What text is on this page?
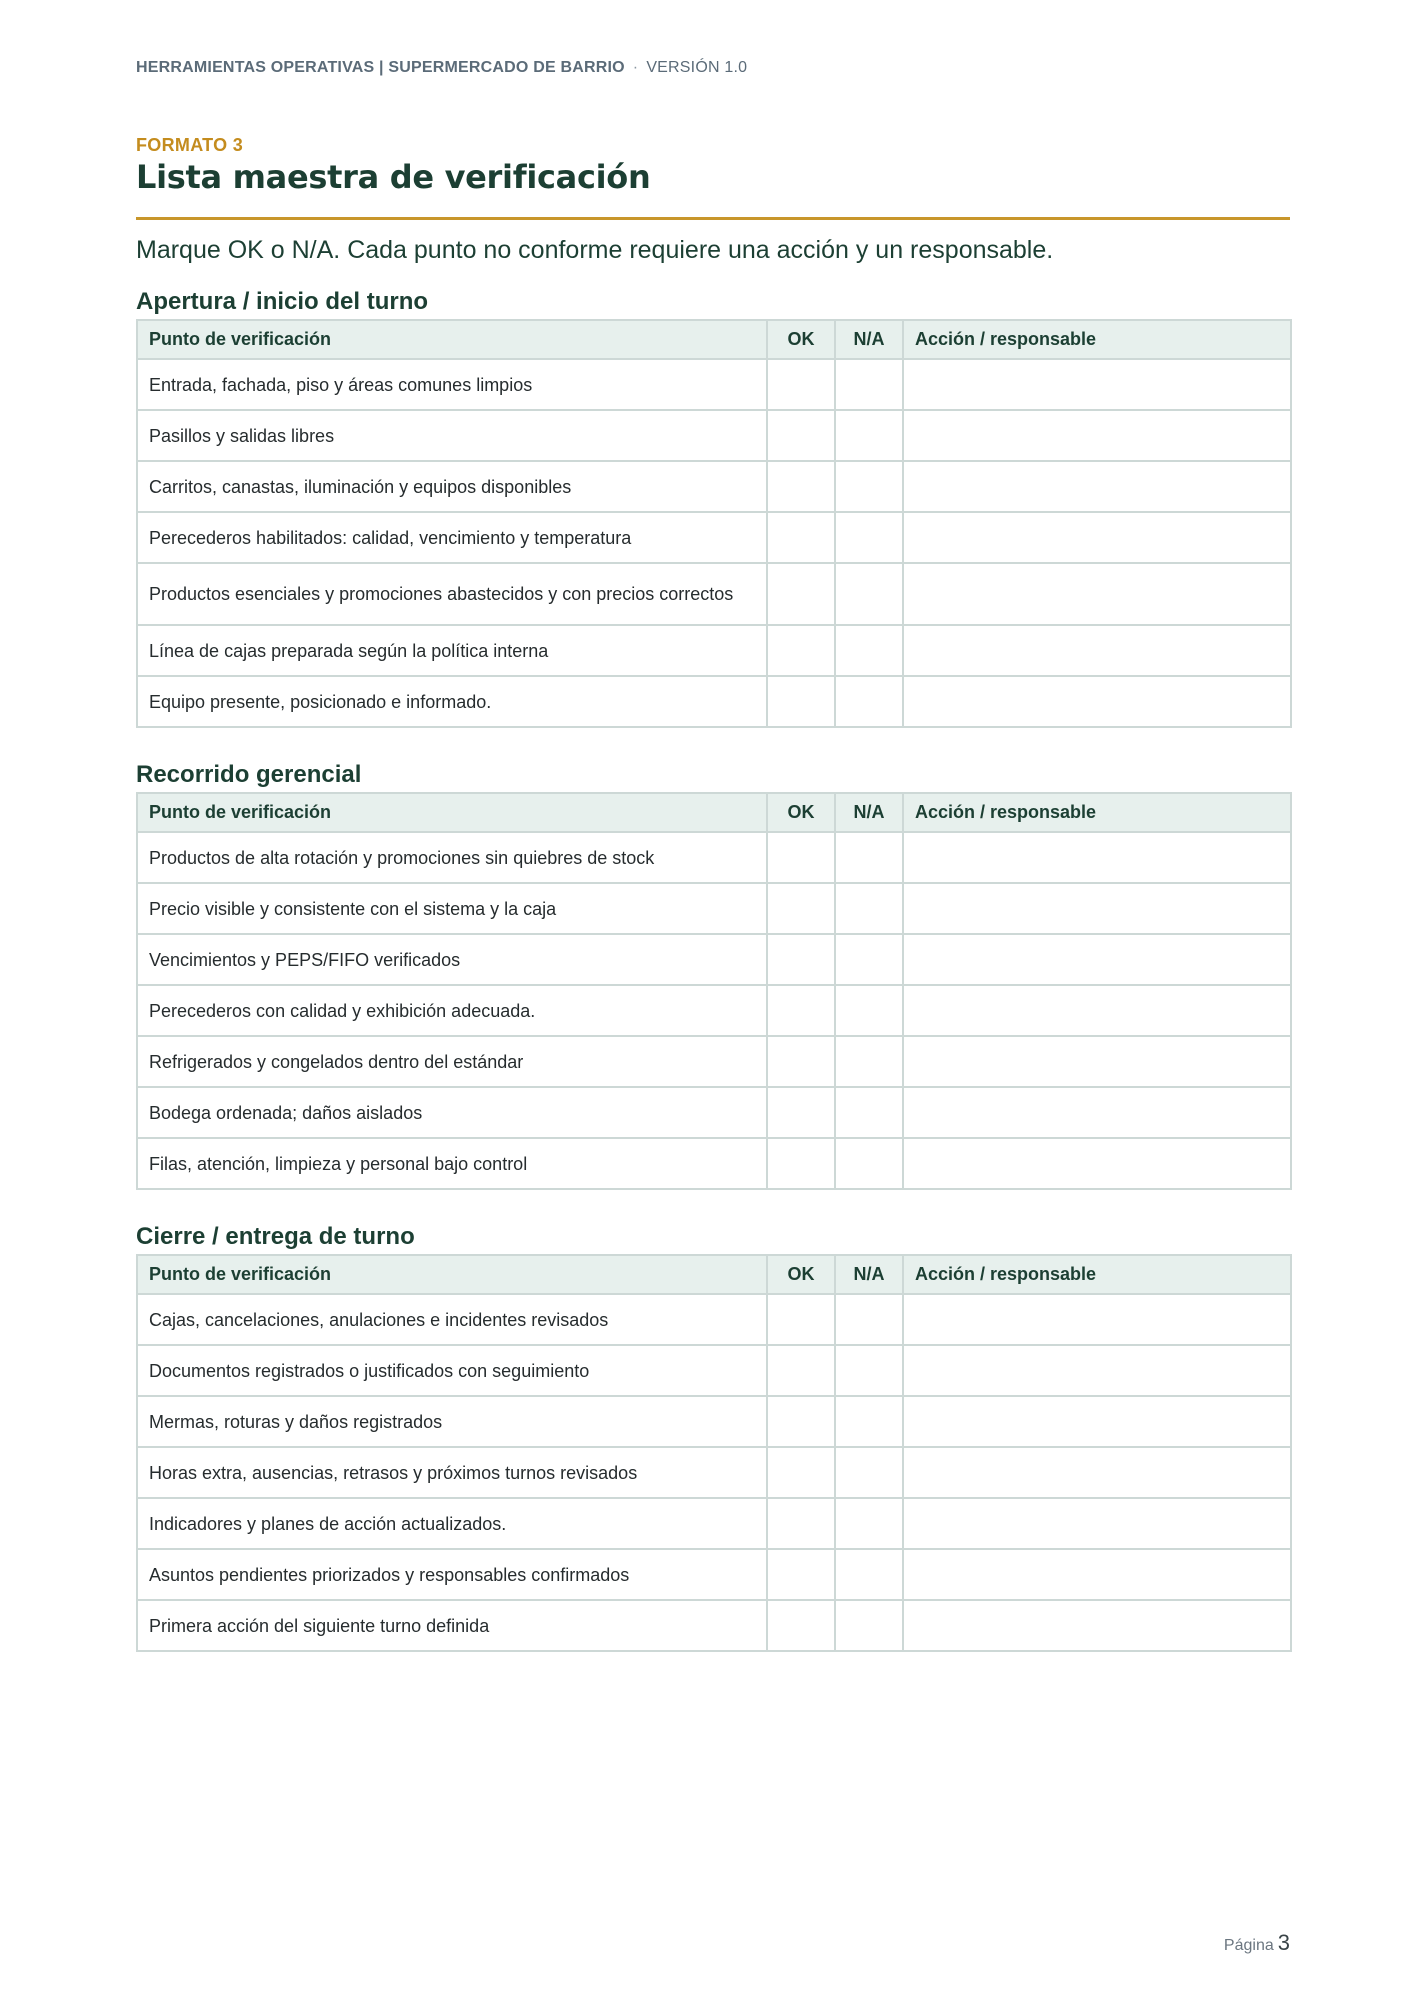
HERRAMIENTAS OPERATIVAS | SUPERMERCADO DE BARRIO · VERSIÓN 1.0
FORMATO 3
Lista maestra de verificación

Marque OK o N/A. Cada punto no conforme requiere una acción y un responsable.

Apertura / inicio del turno
Punto de verificación	OK	N/A	Acción / responsable
Entrada, fachada, piso y áreas comunes limpios			
Pasillos y salidas libres			
Carritos, canastas, iluminación y equipos disponibles			
Perecederos habilitados: calidad, vencimiento y temperatura			
Productos esenciales y promociones abastecidos y con precios correctos			
Línea de cajas preparada según la política interna			
Equipo presente, posicionado e informado.			
Recorrido gerencial
Punto de verificación	OK	N/A	Acción / responsable
Productos de alta rotación y promociones sin quiebres de stock			
Precio visible y consistente con el sistema y la caja			
Vencimientos y PEPS/FIFO verificados			
Perecederos con calidad y exhibición adecuada.			
Refrigerados y congelados dentro del estándar			
Bodega ordenada; daños aislados			
Filas, atención, limpieza y personal bajo control			
Cierre / entrega de turno
Punto de verificación	OK	N/A	Acción / responsable
Cajas, cancelaciones, anulaciones e incidentes revisados			
Documentos registrados o justificados con seguimiento			
Mermas, roturas y daños registrados			
Horas extra, ausencias, retrasos y próximos turnos revisados			
Indicadores y planes de acción actualizados.			
Asuntos pendientes priorizados y responsables confirmados			
Primera acción del siguiente turno definida			
Página 3
